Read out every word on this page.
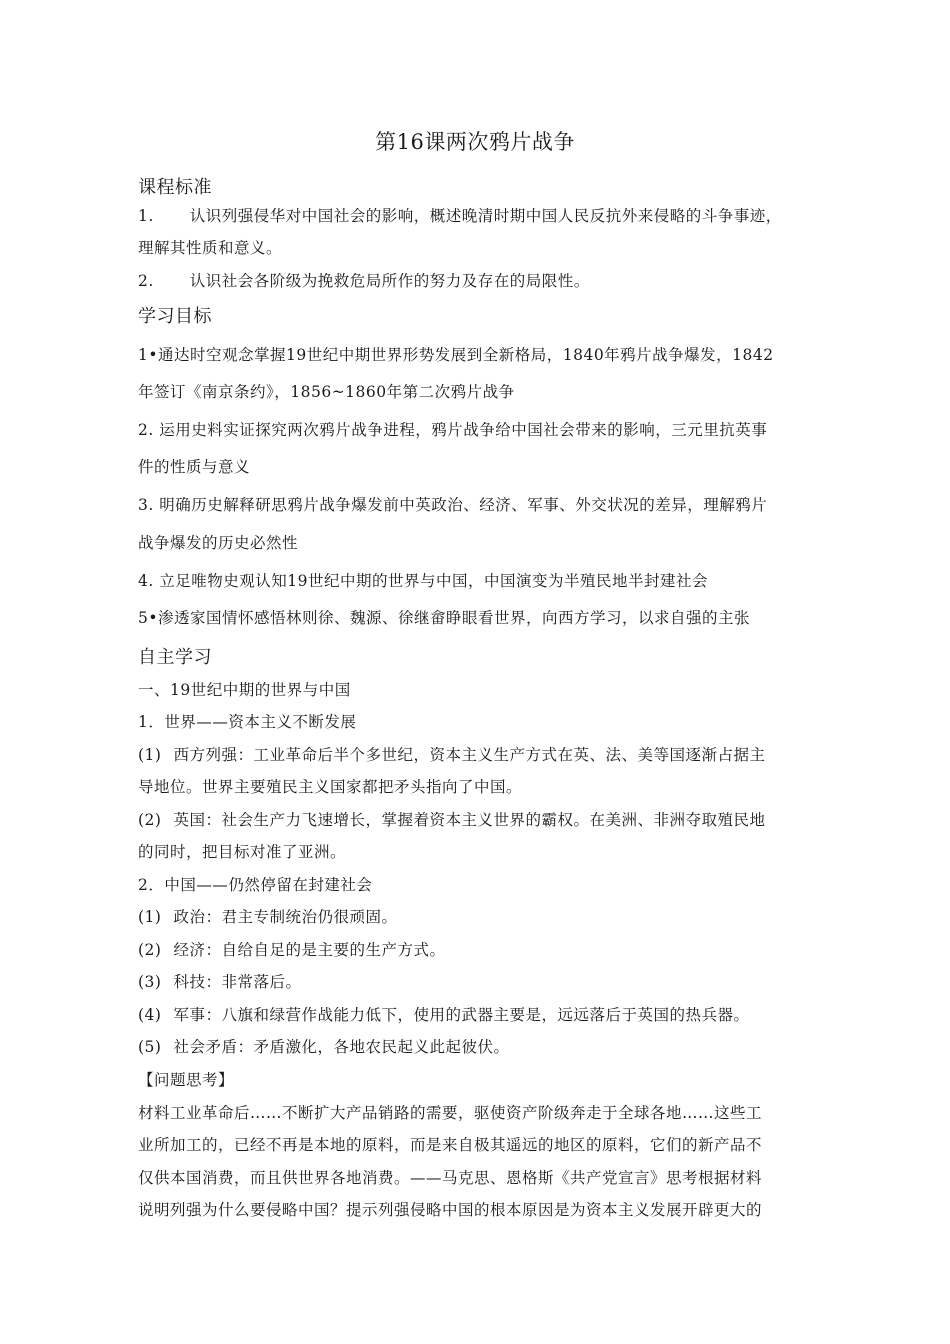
第16课两次鸦片战争
课程标准
1. 认识列强侵华对中国社会的影响，概述晚清时期中国人民反抗外来侵略的斗争事迹，
理解其性质和意义。
2. 认识社会各阶级为挽救危局所作的努力及存在的局限性。
学习目标
1•通达时空观念掌握19世纪中期世界形势发展到全新格局，1840年鸦片战争爆发，1842
年签订《南京条约》，1856~1860年第二次鸦片战争
2. 运用史料实证探究两次鸦片战争进程，鸦片战争给中国社会带来的影响，三元里抗英事
件的性质与意义
3. 明确历史解释研思鸦片战争爆发前中英政治、经济、军事、外交状况的差异，理解鸦片
战争爆发的历史必然性
4. 立足唯物史观认知19世纪中期的世界与中国，中国演变为半殖民地半封建社会
5•渗透家国情怀感悟林则徐、魏源、徐继畲睁眼看世界，向西方学习，以求自强的主张
自主学习
一、19世纪中期的世界与中国
1．世界——资本主义不断发展
(1) 西方列强：工业革命后半个多世纪，资本主义生产方式在英、法、美等国逐渐占据主
导地位。世界主要殖民主义国家都把矛头指向了中国。
(2) 英国：社会生产力飞速增长，掌握着资本主义世界的霸权。在美洲、非洲夺取殖民地
的同时，把目标对准了亚洲。
2．中国——仍然停留在封建社会
(1) 政治：君主专制统治仍很顽固。
(2) 经济：自给自足的是主要的生产方式。
(3) 科技：非常落后。
(4) 军事：八旗和绿营作战能力低下，使用的武器主要是，远远落后于英国的热兵器。
(5) 社会矛盾：矛盾激化，各地农民起义此起彼伏。
【问题思考】
材料工业革命后……不断扩大产品销路的需要，驱使资产阶级奔走于全球各地……这些工
业所加工的，已经不再是本地的原料，而是来自极其遥远的地区的原料，它们的新产品不
仅供本国消费，而且供世界各地消费。——马克思、恩格斯《共产党宣言》思考根据材料
说明列强为什么要侵略中国？提示列强侵略中国的根本原因是为资本主义发展开辟更大的
